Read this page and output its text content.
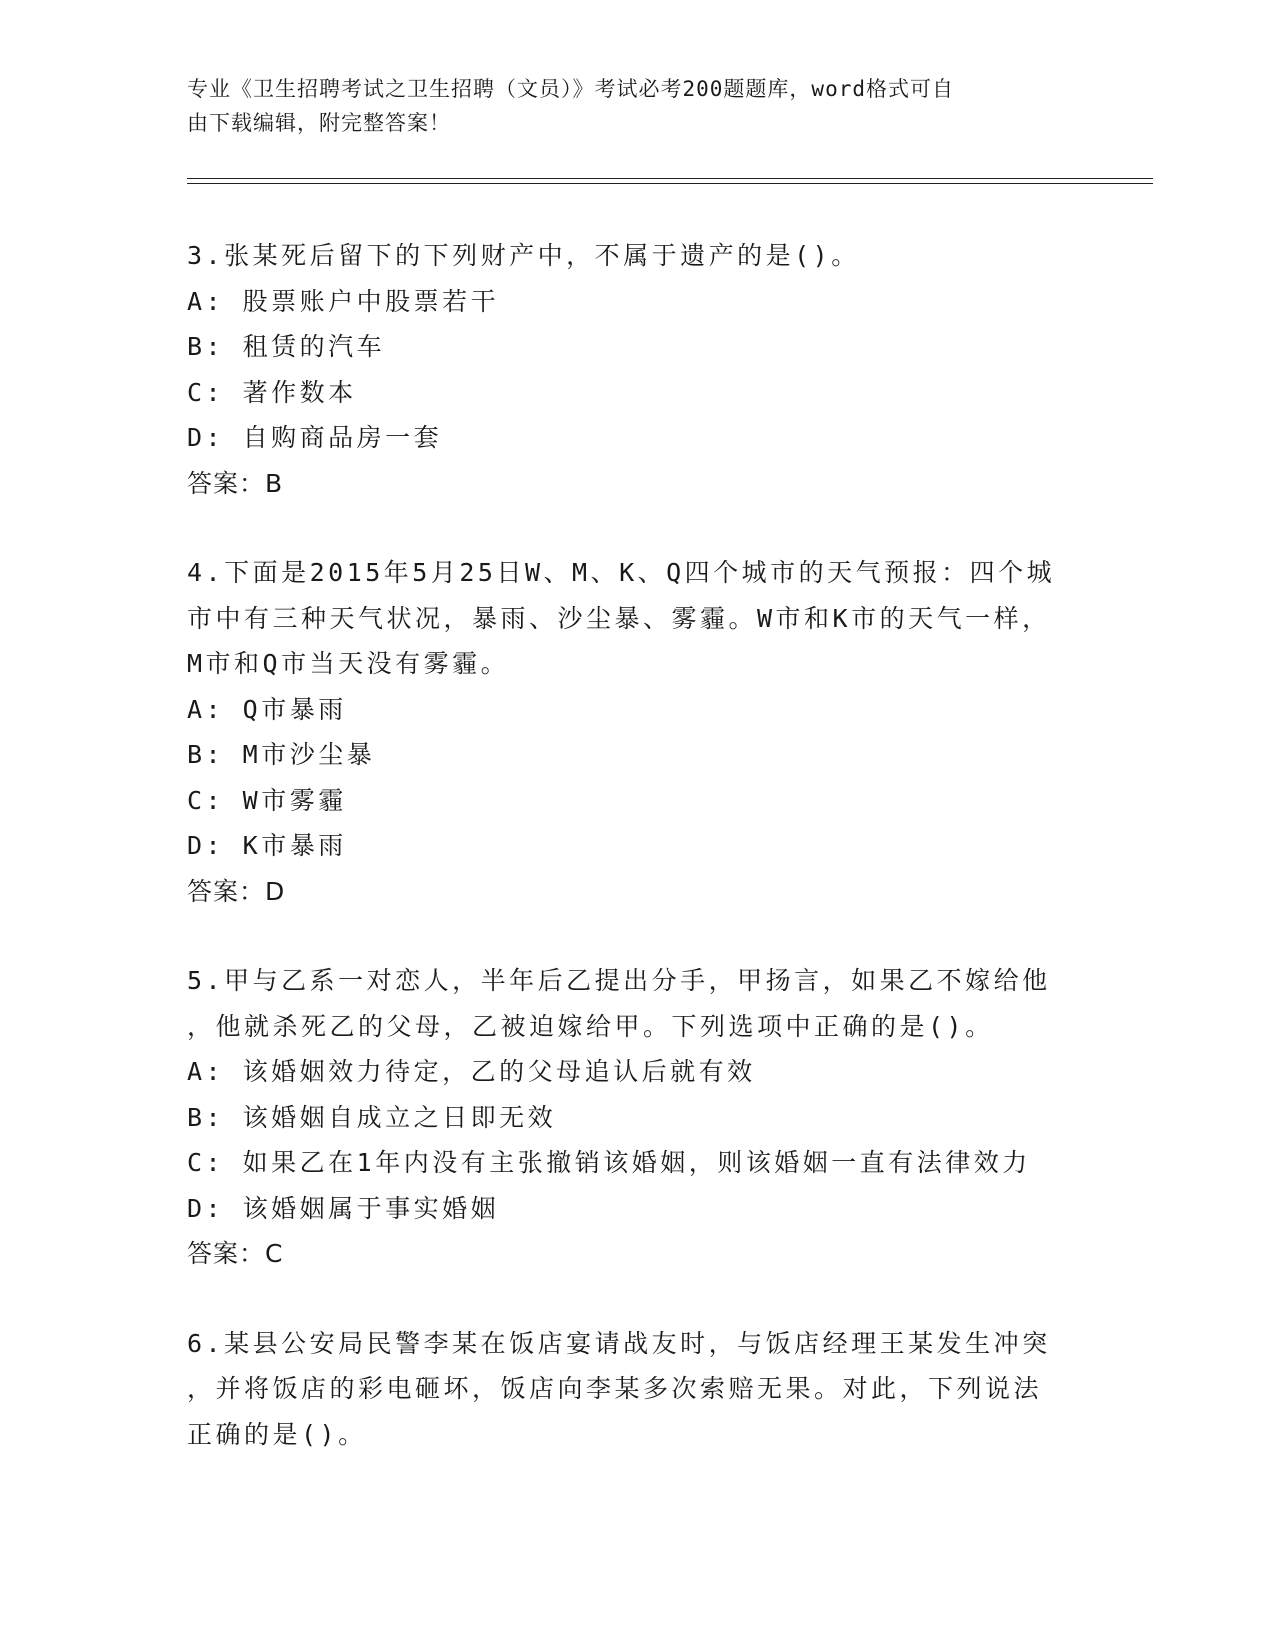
专业《卫生招聘考试之卫生招聘（文员）》考试必考200题题库，word格式可自
由下载编辑，附完整答案！
3.张某死后留下的下列财产中，不属于遗产的是()。
A: 股票账户中股票若干
B: 租赁的汽车
C: 著作数本
D: 自购商品房一套
答案：B
4.下面是2015年5月25日W、M、K、Q四个城市的天气预报：四个城
市中有三种天气状况，暴雨、沙尘暴、雾霾。W市和K市的天气一样，
M市和Q市当天没有雾霾。
A: Q市暴雨
B: M市沙尘暴
C: W市雾霾
D: K市暴雨
答案：D
5.甲与乙系一对恋人，半年后乙提出分手，甲扬言，如果乙不嫁给他
，他就杀死乙的父母，乙被迫嫁给甲。下列选项中正确的是()。
A: 该婚姻效力待定，乙的父母追认后就有效
B: 该婚姻自成立之日即无效
C: 如果乙在1年内没有主张撤销该婚姻，则该婚姻一直有法律效力
D: 该婚姻属于事实婚姻
答案：C
6.某县公安局民警李某在饭店宴请战友时，与饭店经理王某发生冲突
，并将饭店的彩电砸坏，饭店向李某多次索赔无果。对此，下列说法
正确的是()。
